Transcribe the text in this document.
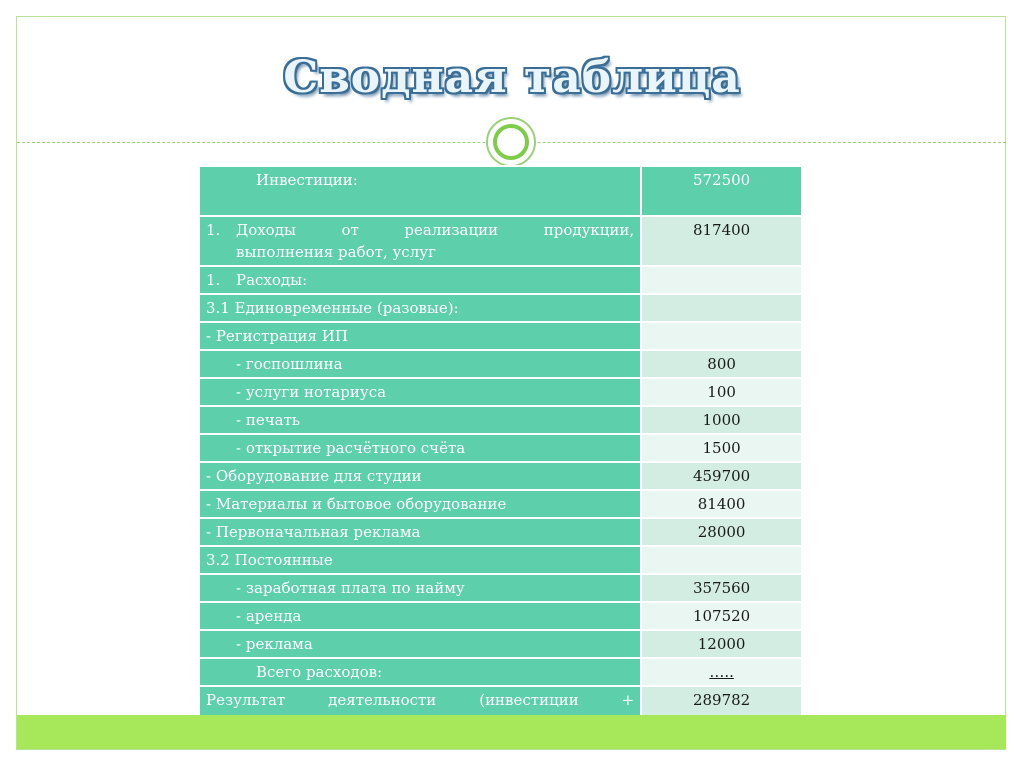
Сводная таблица
Инвестиции:	572500

1. Доходы от реализации продукции,
выполнения работ, услуг	817400
1. Расходы:	
3.1 Единовременные (разовые):	
- Регистрация ИП	
- госпошлина	800
- услуги нотариуса	100
- печать	1000
- открытие расчётного счёта	1500
- Оборудование для студии	459700
- Материалы и бытовое оборудование	81400
- Первоначальная реклама	28000
3.2 Постоянные	
- заработная плата по найму	357560
- аренда	107520
- реклама	12000
Всего расходов:	…..

Результат деятельности (инвестиции +	289782
